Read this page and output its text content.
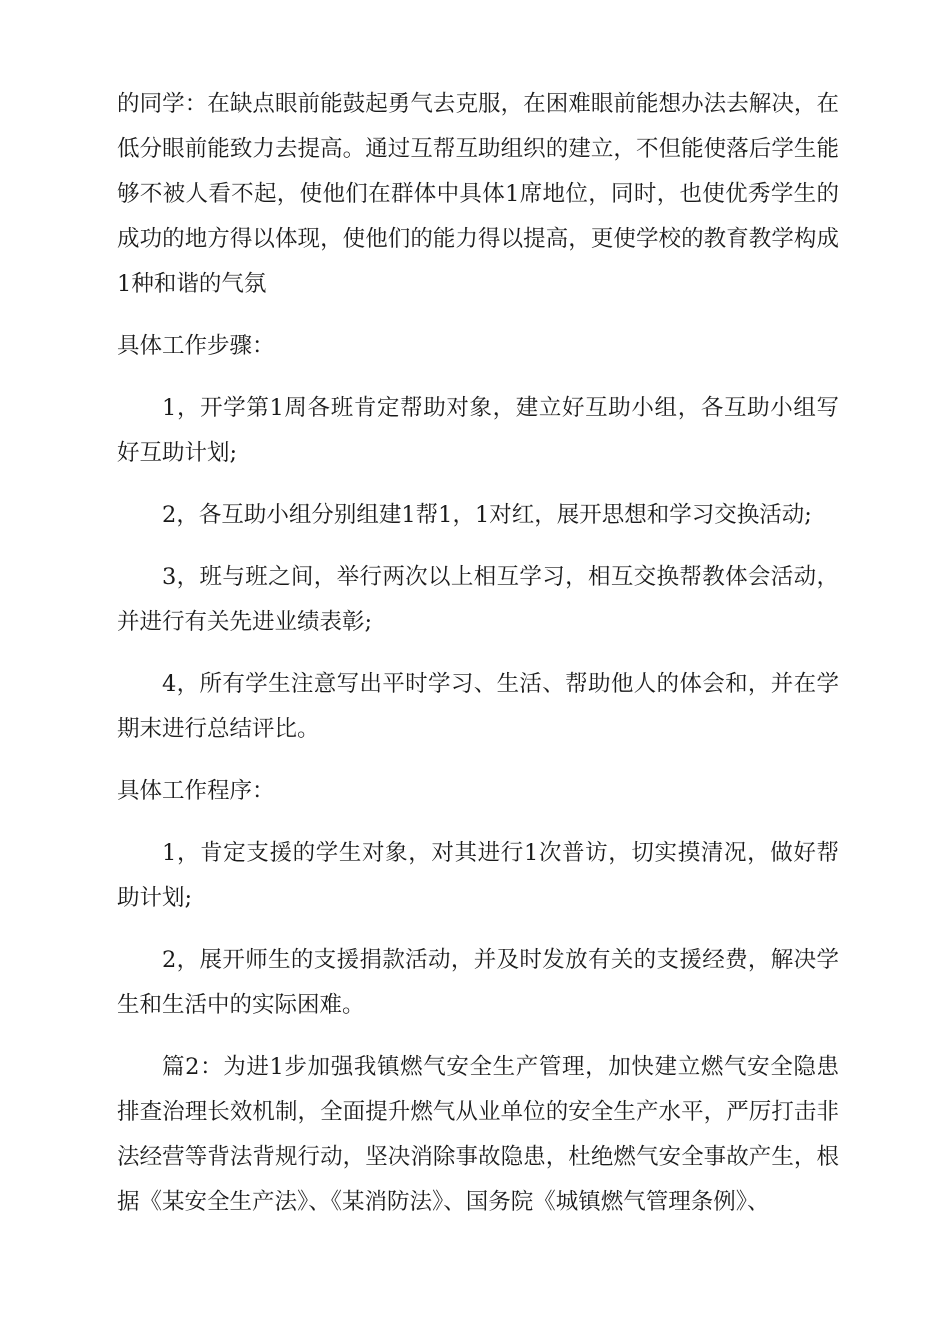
的同学：在缺点眼前能鼓起勇气去克服，在困难眼前能想办法去解决，在低分眼前能致力去提高。通过互帮互助组织的建立，不但能使落后学生能够不被人看不起，使他们在群体中具体1席地位，同时，也使优秀学生的成功的地方得以体现，使他们的能力得以提高，更使学校的教育教学构成1种和谐的气氛

具体工作步骤：

1，开学第1周各班肯定帮助对象，建立好互助小组，各互助小组写好互助计划;

2，各互助小组分别组建1帮1，1对红，展开思想和学习交换活动;

3，班与班之间，举行两次以上相互学习，相互交换帮教体会活动，并进行有关先进业绩表彰;

4，所有学生注意写出平时学习、生活、帮助他人的体会和，并在学期末进行总结评比。

具体工作程序：

1，肯定支援的学生对象，对其进行1次普访，切实摸清况，做好帮助计划;

2，展开师生的支援捐款活动，并及时发放有关的支援经费，解决学生和生活中的实际困难。

篇2：为进1步加强我镇燃气安全生产管理，加快建立燃气安全隐患排查治理长效机制，全面提升燃气从业单位的安全生产水平，严厉打击非法经营等背法背规行动，坚决消除事故隐患，杜绝燃气安全事故产生，根据《某安全生产法》、《某消防法》、国务院《城镇燃气管理条例》、
